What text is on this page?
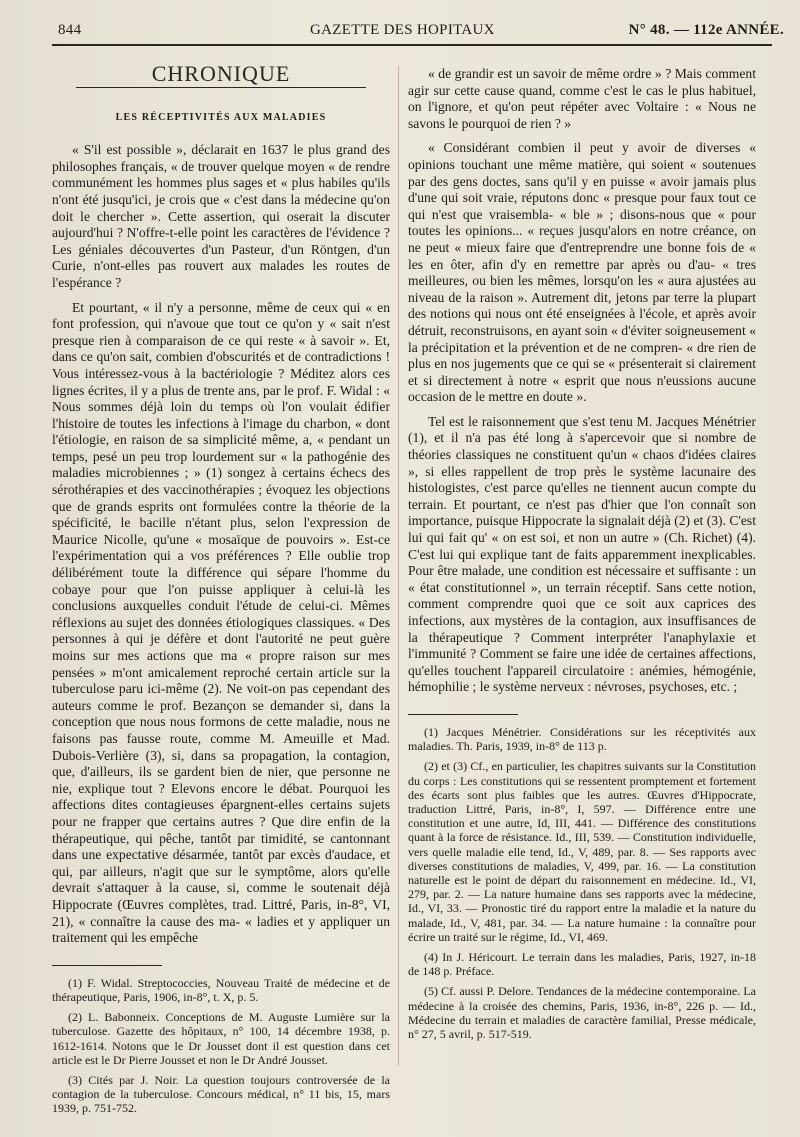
844	GAZETTE DES HOPITAUX	N° 48. — 112e ANNÉE.
CHRONIQUE
LES RÉCEPTIVITÉS AUX MALADIES

« S'il est possible », déclarait en 1637 le plus grand des philosophes français, « de trouver quelque moyen « de rendre communément les hommes plus sages et « plus habiles qu'ils n'ont été jusqu'ici, je crois que « c'est dans la médecine qu'on doit le chercher ». Cette assertion, qui oserait la discuter aujourd'hui ? N'offre-t-elle point les caractères de l'évidence ? Les géniales découvertes d'un Pasteur, d'un Röntgen, d'un Curie, n'ont-elles pas rouvert aux malades les routes de l'espérance ?

Et pourtant, « il n'y a personne, même de ceux qui « en font profession, qui n'avoue que tout ce qu'on y « sait n'est presque rien à comparaison de ce qui reste « à savoir ». Et, dans ce qu'on sait, combien d'obscurités et de contradictions ! Vous intéressez-vous à la bactériologie ? Méditez alors ces lignes écrites, il y a plus de trente ans, par le prof. F. Widal : « Nous sommes déjà loin du temps où l'on voulait édifier l'histoire de toutes les infections à l'image du charbon, « dont l'étiologie, en raison de sa simplicité même, a, « pendant un temps, pesé un peu trop lourdement sur « la pathogénie des maladies microbiennes ; » (1) songez à certains échecs des sérothérapies et des vaccinothérapies ; évoquez les objections que de grands esprits ont formulées contre la théorie de la spécificité, le bacille n'étant plus, selon l'expression de Maurice Nicolle, qu'une « mosaïque de pouvoirs ». Est-ce l'expérimentation qui a vos préférences ? Elle oublie trop délibérément toute la différence qui sépare l'homme du cobaye pour que l'on puisse appliquer à celui-là les conclusions auxquelles conduit l'étude de celui-ci. Mêmes réflexions au sujet des données étiologiques classiques. « Des personnes à qui je défère et dont l'autorité ne peut guère moins sur mes actions que ma « propre raison sur mes pensées » m'ont amicalement reproché certain article sur la tuberculose paru ici-même (2). Ne voit-on pas cependant des auteurs comme le prof. Bezançon se demander si, dans la conception que nous nous formons de cette maladie, nous ne faisons pas fausse route, comme M. Ameuille et Mad. Dubois-Verlière (3), si, dans sa propagation, la contagion, que, d'ailleurs, ils se gardent bien de nier, que personne ne nie, explique tout ? Elevons encore le débat. Pourquoi les affections dites contagieuses épargnent-elles certains sujets pour ne frapper que certains autres ? Que dire enfin de la thérapeutique, qui pêche, tantôt par timidité, se cantonnant dans une expectative désarmée, tantôt par excès d'audace, et qui, par ailleurs, n'agit que sur le symptôme, alors qu'elle devrait s'attaquer à la cause, si, comme le soutenait déjà Hippocrate (Œuvres complètes, trad. Littré, Paris, in-8°, VI, 21), « connaître la cause des ma- « ladies et y appliquer un traitement qui les empêche

(1) F. Widal. Streptococcies, Nouveau Traité de médecine et de thérapeutique, Paris, 1906, in-8°, t. X, p. 5.

(2) L. Babonneix. Conceptions de M. Auguste Lumière sur la tuberculose. Gazette des hôpitaux, n° 100, 14 décembre 1938, p. 1612-1614. Notons que le Dr Jousset dont il est question dans cet article est le Dr Pierre Jousset et non le Dr André Jousset.

(3) Cités par J. Noir. La question toujours controversée de la contagion de la tuberculose. Concours médical, n° 11 bis, 15, mars 1939, p. 751-752.

« de grandir est un savoir de même ordre » ? Mais comment agir sur cette cause quand, comme c'est le cas le plus habituel, on l'ignore, et qu'on peut répéter avec Voltaire : « Nous ne savons le pourquoi de rien ? »

« Considérant combien il peut y avoir de diverses « opinions touchant une même matière, qui soient « soutenues par des gens doctes, sans qu'il y en puisse « avoir jamais plus d'une qui soit vraie, réputons donc « presque pour faux tout ce qui n'est que vraisembla- « ble » ; disons-nous que « pour toutes les opinions... « reçues jusqu'alors en notre créance, on ne peut « mieux faire que d'entreprendre une bonne fois de « les en ôter, afin d'y en remettre par après ou d'au- « tres meilleures, ou bien les mêmes, lorsqu'on les « aura ajustées au niveau de la raison ». Autrement dit, jetons par terre la plupart des notions qui nous ont été enseignées à l'école, et après avoir détruit, reconstruisons, en ayant soin « d'éviter soigneusement « la précipitation et la prévention et de ne compren- « dre rien de plus en nos jugements que ce qui se « présenterait si clairement et si directement à notre « esprit que nous n'eussions aucune occasion de le mettre en doute ».

Tel est le raisonnement que s'est tenu M. Jacques Ménétrier (1), et il n'a pas été long à s'apercevoir que si nombre de théories classiques ne constituent qu'un « chaos d'idées claires », si elles rappellent de trop près le système lacunaire des histologistes, c'est parce qu'elles ne tiennent aucun compte du terrain. Et pourtant, ce n'est pas d'hier que l'on connaît son importance, puisque Hippocrate la signalait déjà (2) et (3). C'est lui qui fait qu' « on est soi, et non un autre » (Ch. Richet) (4). C'est lui qui explique tant de faits apparemment inexplicables. Pour être malade, une condition est nécessaire et suffisante : un « état constitutionnel », un terrain réceptif. Sans cette notion, comment comprendre quoi que ce soit aux caprices des infections, aux mystères de la contagion, aux insuffisances de la thérapeutique ? Comment interpréter l'anaphylaxie et l'immunité ? Comment se faire une idée de certaines affections, qu'elles touchent l'appareil circulatoire : anémies, hémogénie, hémophilie ; le système nerveux : névroses, psychoses, etc. ;

(1) Jacques Ménétrier. Considérations sur les réceptivités aux maladies. Th. Paris, 1939, in-8° de 113 p.

(2) et (3) Cf., en particulier, les chapitres suivants sur la Constitution du corps : Les constitutions qui se ressentent promptement et fortement des écarts sont plus faibles que les autres. Œuvres d'Hippocrate, traduction Littré, Paris, in-8°, I, 597. — Différence entre une constitution et une autre, Id, III, 441. — Différence des constitutions quant à la force de résistance. Id., III, 539. — Constitution individuelle, vers quelle maladie elle tend, Id., V, 489, par. 8. — Ses rapports avec diverses constitutions de maladies, V, 499, par. 16. — La constitution naturelle est le point de départ du raisonnement en médecine. Id., VI, 279, par. 2. — La nature humaine dans ses rapports avec la médecine, Id., VI, 33. — Pronostic tiré du rapport entre la maladie et la nature du malade, Id., V, 481, par. 34. — La nature humaine : la connaître pour écrire un traité sur le régime, Id., VI, 469.

(4) In J. Héricourt. Le terrain dans les maladies, Paris, 1927, in-18 de 148 p. Préface.

(5) Cf. aussi P. Delore. Tendances de la médecine contemporaine. La médecine à la croisée des chemins, Paris, 1936, in-8°, 226 p. — Id., Médecine du terrain et maladies de caractère familial, Presse médicale, n° 27, 5 avril, p. 517-519.
